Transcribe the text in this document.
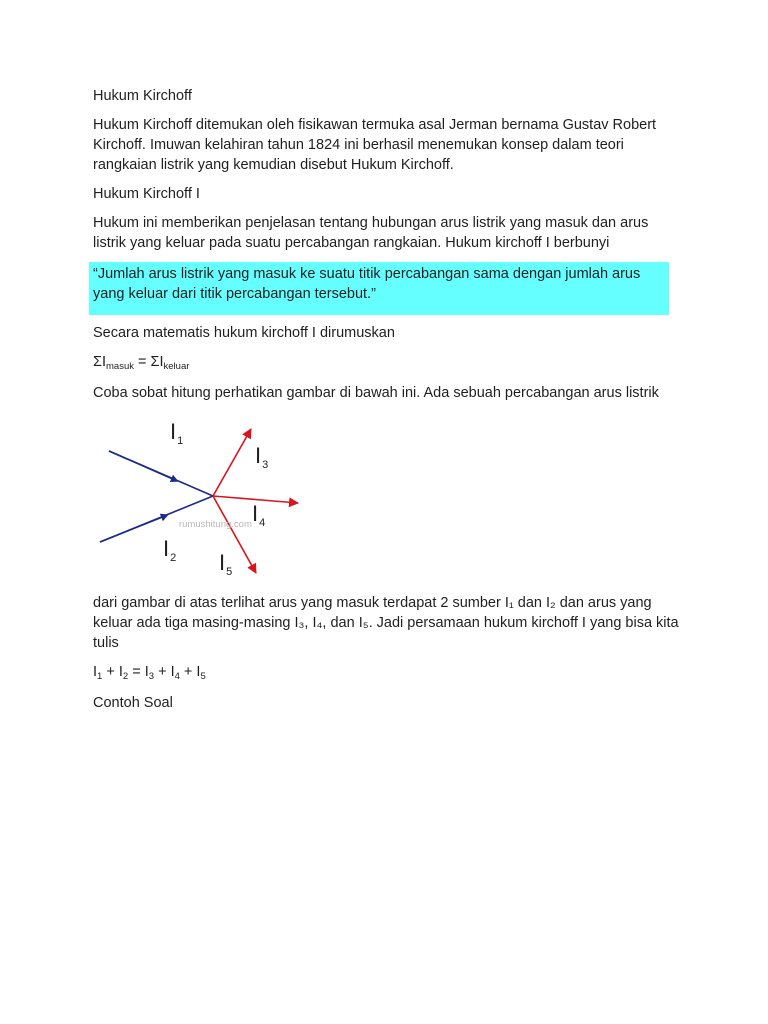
Hukum Kirchoff

Hukum Kirchoff ditemukan oleh fisikawan termuka asal Jerman bernama Gustav Robert Kirchoff. Imuwan kelahiran tahun 1824 ini berhasil menemukan konsep dalam teori rangkaian listrik yang kemudian disebut Hukum Kirchoff.

Hukum Kirchoff I

Hukum ini memberikan penjelasan tentang hubungan arus listrik yang masuk dan arus listrik yang keluar pada suatu percabangan rangkaian. Hukum kirchoff I berbunyi

“Jumlah arus listrik yang masuk ke suatu titik percabangan sama dengan jumlah arus yang keluar dari titik percabangan tersebut.”

Secara matematis hukum kirchoff I dirumuskan

$\Sigma I_{masuk} = \Sigma I_{keluar}$

Coba sobat hitung perhatikan gambar di bawah ini. Ada sebuah percabangan arus listrik

$I_1$
$I_3$
$I_4$
rumushitung.com
$I_2$ $I_5$

dari gambar di atas terlihat arus yang masuk terdapat 2 sumber I₁ dan I₂ dan arus yang keluar ada tiga masing-masing I₃, I₄, dan I₅. Jadi persamaan hukum kirchoff I yang bisa kita tulis

$I_1 + I_2 = I_3 + I_4 + I_5$

Contoh Soal
